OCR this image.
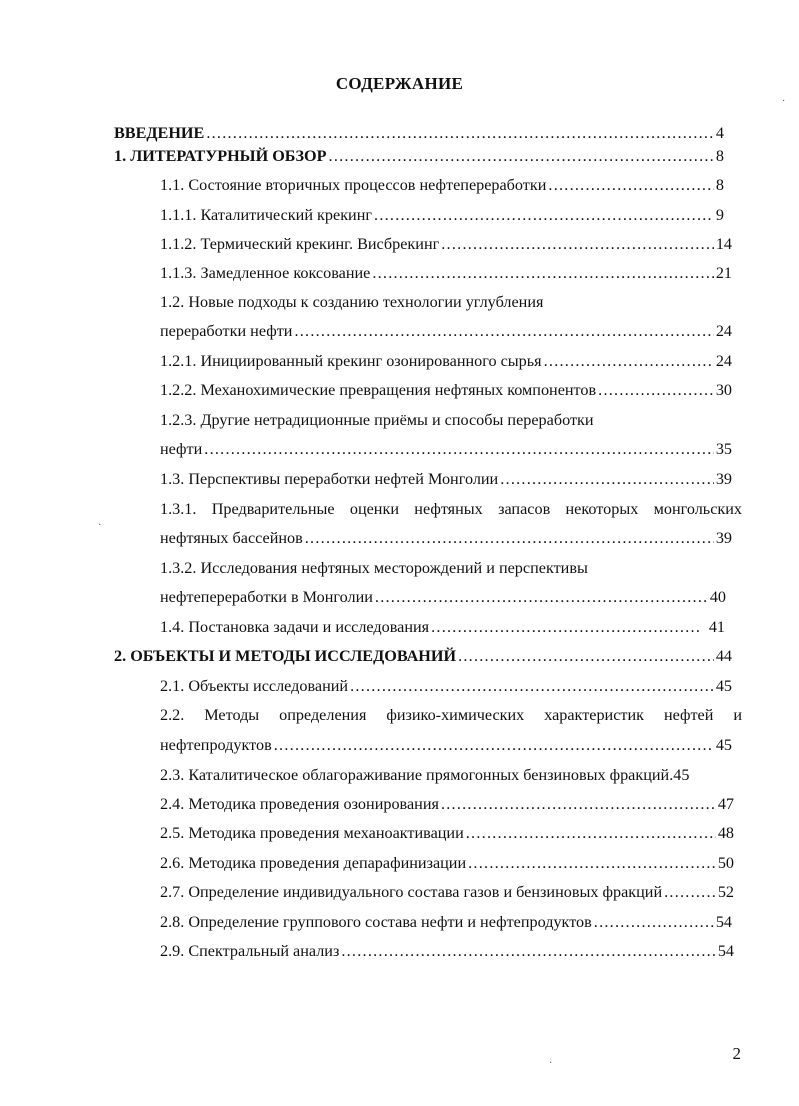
СОДЕРЖАНИЕ
ВВЕДЕНИЕ . . .	4
1. ЛИТЕРАТУРНЫЙ ОБЗОР . . .	8
1.1. Состояние вторичных процессов нефтепереработки . . .	8
1.1.1. Каталитический крекинг . . .	9
1.1.2. Термический крекинг. Висбрекинг . . .	14
1.1.3. Замедленное коксование . . .	21
1.2. Новые подходы к созданию технологии углубления
переработки нефти . . .	24
1.2.1. Инициированный крекинг озонированного сырья . . .	24
1.2.2. Механохимические превращения нефтяных компонентов . . .	30
1.2.3. Другие нетрадиционные приёмы и способы переработки
нефти . . .	35
1.3. Перспективы переработки нефтей Монголии . . .	39
1.3.1. Предварительные оценки нефтяных запасов некоторых монгольских
нефтяных бассейнов . . .	39
1.3.2. Исследования нефтяных месторождений и перспективы
нефтепереработки в Монголии . . .	40
1.4. Постановка задачи и исследования . . .	41
2. ОБЪЕКТЫ И МЕТОДЫ ИССЛЕДОВАНИЙ . . .	44
2.1. Объекты исследований . . .	45
2.2. Методы определения физико-химических характеристик нефтей и
нефтепродуктов . . .	45
2.3. Каталитическое облагораживание прямогонных бензиновых фракций. 45
2.4. Методика проведения озонирования . . .	47
2.5. Методика проведения механоактивации . . .	48
2.6. Методика проведения депарафинизации . . .	50
2.7. Определение индивидуального состава газов и бензиновых фракций . . .	52
2.8. Определение группового состава нефти и нефтепродуктов . . .	54
2.9. Спектральный анализ . . .	54
2
·
·
·
